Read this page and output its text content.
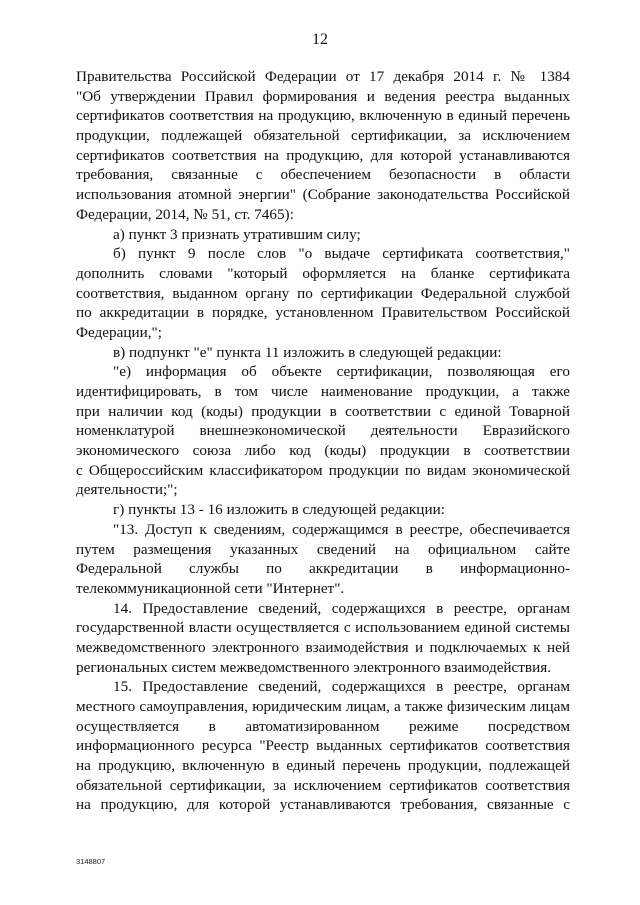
12
Правительства Российской Федерации от 17 декабря 2014 г. № 1384
"Об утверждении Правил формирования и ведения реестра выданных
сертификатов соответствия на продукцию, включенную в единый перечень
продукции, подлежащей обязательной сертификации, за исключением
сертификатов соответствия на продукцию, для которой устанавливаются
требования, связанные с обеспечением безопасности в области
использования атомной энергии" (Собрание законодательства Российской
Федерации, 2014, № 51, ст. 7465):
а) пункт 3 признать утратившим силу;
б) пункт 9 после слов "о выдаче сертификата соответствия,"
дополнить словами "который оформляется на бланке сертификата
соответствия, выданном органу по сертификации Федеральной службой
по аккредитации в порядке, установленном Правительством Российской
Федерации,";
в) подпункт "е" пункта 11 изложить в следующей редакции:
"е) информация об объекте сертификации, позволяющая его
идентифицировать, в том числе наименование продукции, а также
при наличии код (коды) продукции в соответствии с единой Товарной
номенклатурой внешнеэкономической деятельности Евразийского
экономического союза либо код (коды) продукции в соответствии
с Общероссийским классификатором продукции по видам экономической
деятельности;";
г) пункты 13 - 16 изложить в следующей редакции:
"13. Доступ к сведениям, содержащимся в реестре, обеспечивается
путем размещения указанных сведений на официальном сайте
Федеральной службы по аккредитации в информационно-
телекоммуникационной сети "Интернет".
14. Предоставление сведений, содержащихся в реестре, органам
государственной власти осуществляется с использованием единой системы
межведомственного электронного взаимодействия и подключаемых к ней
региональных систем межведомственного электронного взаимодействия.
15. Предоставление сведений, содержащихся в реестре, органам
местного самоуправления, юридическим лицам, а также физическим лицам
осуществляется в автоматизированном режиме посредством
информационного ресурса "Реестр выданных сертификатов соответствия
на продукцию, включенную в единый перечень продукции, подлежащей
обязательной сертификации, за исключением сертификатов соответствия
на продукцию, для которой устанавливаются требования, связанные с
3148807
